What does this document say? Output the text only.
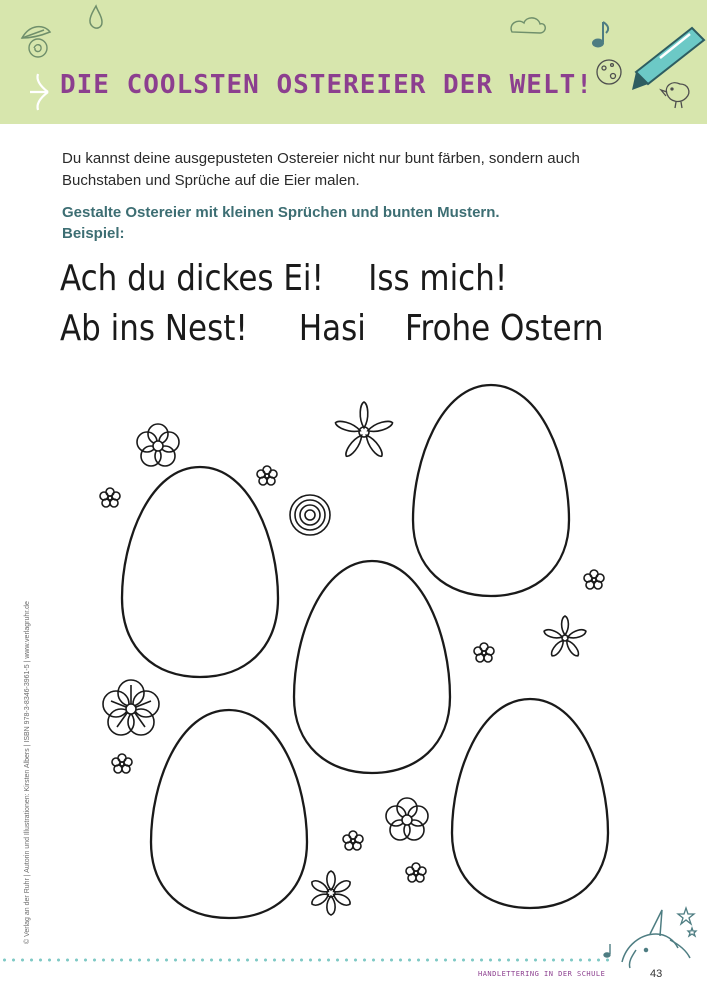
DIE COOLSTEN OSTEREIER DER WELT!

Du kannst deine ausgepusteten Ostereier nicht nur bunt färben, sondern auch Buchstaben und Sprüche auf die Eier malen.

Gestalte Ostereier mit kleinen Sprüchen und bunten Mustern.
Beispiel:
Ach du dickes Ei! Iss mich!
Ab ins Nest! Hasi Frohe Ostern
© Verlag an der Ruhr | Autorin und Illustrationen: Kirsten Albers | ISBN 978-3-8346-3961-5 | www.verlagruhr.de
HANDLETTERING IN DER SCHULE	43
